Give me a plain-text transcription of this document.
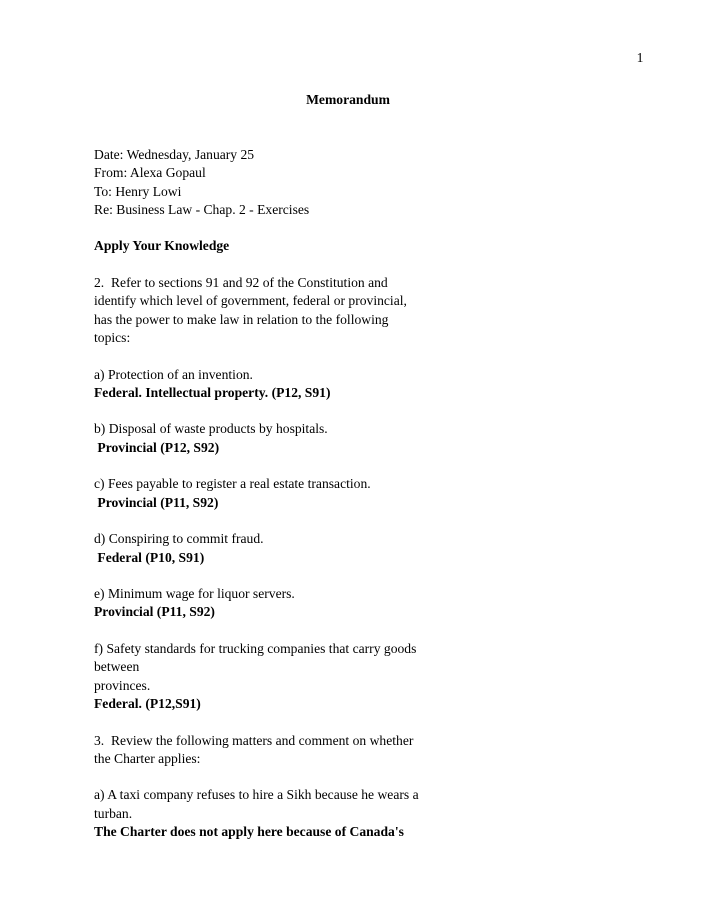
1
Memorandum
Date: Wednesday, January 25
From: Alexa Gopaul
To: Henry Lowi
Re: Business Law - Chap. 2 - Exercises
Apply Your Knowledge
2.  Refer to sections 91 and 92 of the Constitution and
identify which level of government, federal or provincial,
has the power to make law in relation to the following
topics:
a) Protection of an invention.
Federal. Intellectual property. (P12, S91)
b) Disposal of waste products by hospitals.
Provincial (P12, S92)
c) Fees payable to register a real estate transaction.
Provincial (P11, S92)
d) Conspiring to commit fraud.
Federal (P10, S91)
e) Minimum wage for liquor servers.
Provincial (P11, S92)
f) Safety standards for trucking companies that carry goods
between
provinces.
Federal. (P12,S91)
3.  Review the following matters and comment on whether
the Charter applies:
a) A taxi company refuses to hire a Sikh because he wears a
turban.
The Charter does not apply here because of Canada's
